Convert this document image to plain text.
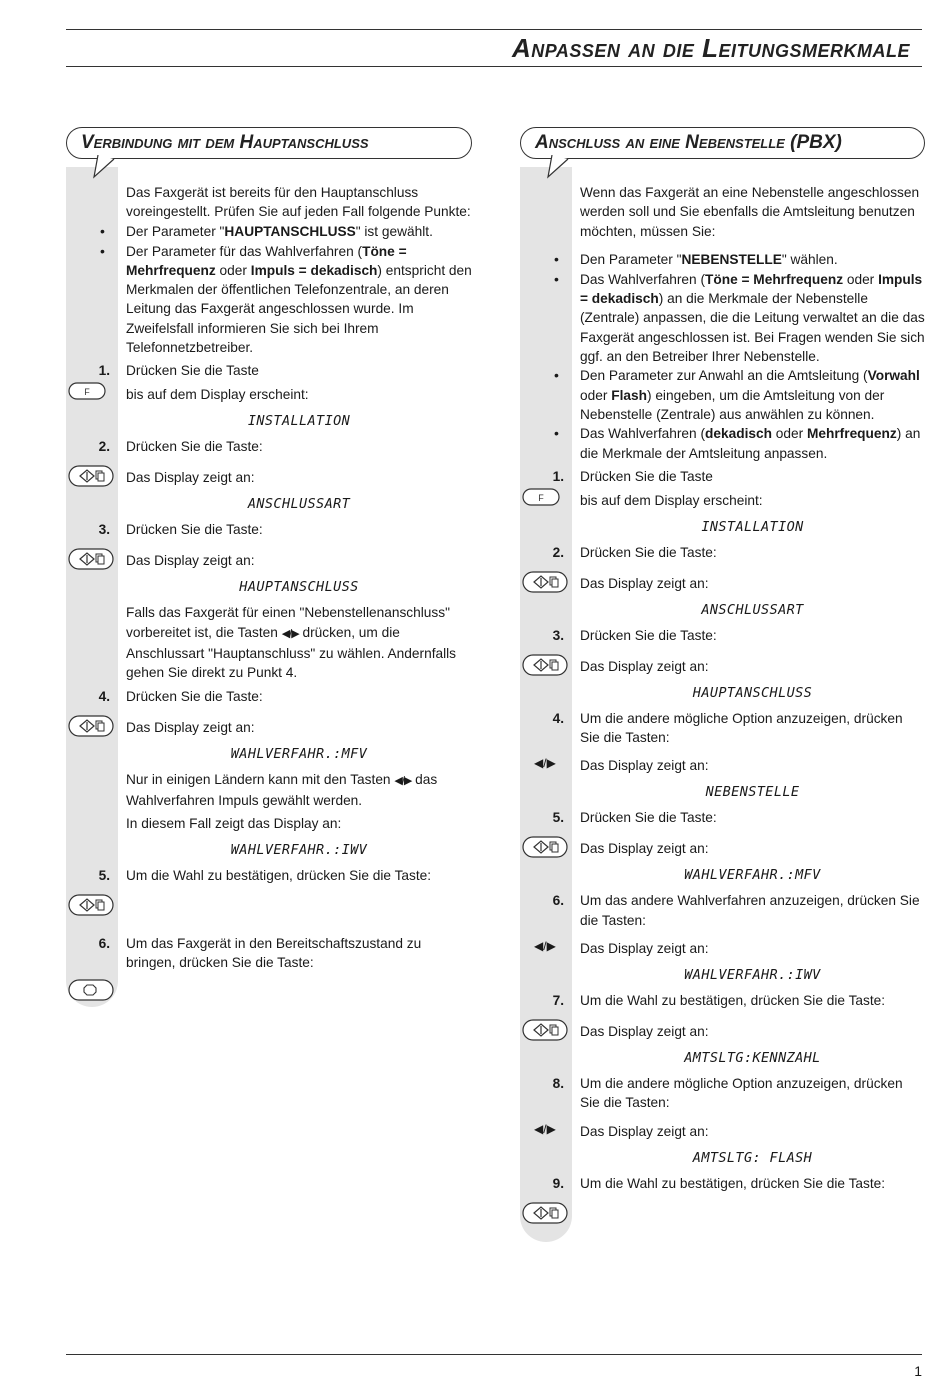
Anpassen an die Leitungsmerkmale
Verbindung mit dem Hauptanschluss
Das Faxgerät ist bereits für den Hauptanschluss voreingestellt. Prüfen Sie auf jeden Fall folgende Punkte:
• Der Parameter "HAUPTANSCHLUSS" ist gewählt.
• Der Parameter für das Wahlverfahren (Töne = Mehrfrequenz oder Impuls = dekadisch) entspricht den Merkmalen der öffentlichen Telefonzentrale, an deren Leitung das Faxgerät angeschlossen wurde. Im Zweifelsfall informieren Sie sich bei Ihrem Telefonnetzbetreiber.
1. Drücken Sie die Taste
F	bis auf dem Display erscheint:
INSTALLATION
2. Drücken Sie die Taste:
Das Display zeigt an:
ANSCHLUSSART
3. Drücken Sie die Taste:
Das Display zeigt an:
HAUPTANSCHLUSS
Falls das Faxgerät für einen "Nebenstellenanschluss" vorbereitet ist, die Tasten ◀/▶ drücken, um die Anschlussart "Hauptanschluss" zu wählen. Andernfalls gehen Sie direkt zu Punkt 4.
4. Drücken Sie die Taste:
Das Display zeigt an:
WAHLVERFAHR.:MFV
Nur in einigen Ländern kann mit den Tasten ◀/▶ das Wahlverfahren Impuls gewählt werden.
In diesem Fall zeigt das Display an:
WAHLVERFAHR.:IWV
5. Um die Wahl zu bestätigen, drücken Sie die Taste:
6. Um das Faxgerät in den Bereitschaftszustand zu bringen, drücken Sie die Taste:
Anschluss an eine Nebenstelle (PBX)
Wenn das Faxgerät an eine Nebenstelle angeschlossen werden soll und Sie ebenfalls die Amtsleitung benutzen möchten, müssen Sie:
• Den Parameter "NEBENSTELLE" wählen.
• Das Wahlverfahren (Töne = Mehrfrequenz oder Impuls = dekadisch) an die Merkmale der Nebenstelle (Zentrale) anpassen, die die Leitung verwaltet an die das Faxgerät angeschlossen ist. Bei Fragen wenden Sie sich ggf. an den Betreiber Ihrer Nebenstelle.
• Den Parameter zur Anwahl an die Amtsleitung (Vorwahl oder Flash) eingeben, um die Amtsleitung von der Nebenstelle (Zentrale) aus anwählen zu können.
• Das Wahlverfahren (dekadisch oder Mehrfrequenz) an die Merkmale der Amtsleitung anpassen.
1. Drücken Sie die Taste
F	bis auf dem Display erscheint:
INSTALLATION
2. Drücken Sie die Taste:
Das Display zeigt an:
ANSCHLUSSART
3. Drücken Sie die Taste:
Das Display zeigt an:
HAUPTANSCHLUSS
4. Um die andere mögliche Option anzuzeigen, drücken Sie die Tasten:
◀/▶ Das Display zeigt an:
NEBENSTELLE
5. Drücken Sie die Taste:
Das Display zeigt an:
WAHLVERFAHR.:MFV
6. Um das andere Wahlverfahren anzuzeigen, drücken Sie die Tasten:
◀/▶ Das Display zeigt an:
WAHLVERFAHR.:IWV
7. Um die Wahl zu bestätigen, drücken Sie die Taste:
Das Display zeigt an:
AMTSLTG:KENNZAHL
8. Um die andere mögliche Option anzuzeigen, drücken Sie die Tasten:
◀/▶ Das Display zeigt an:
AMTSLTG: FLASH
9. Um die Wahl zu bestätigen, drücken Sie die Taste:
1
